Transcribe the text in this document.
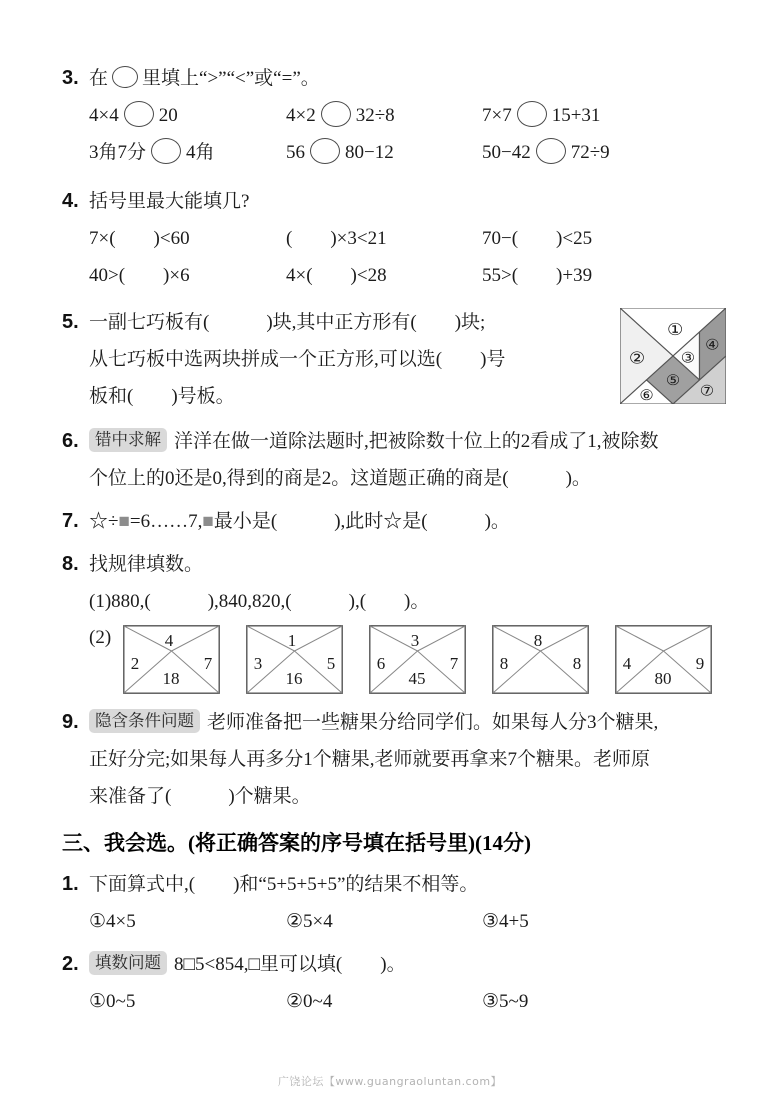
3. 在 里填上“>”“<”或“=”。
4×4 20	4×2 32÷8	7×7 15+31
3角7分 4角	56 80−12	50−42 72÷9
4. 括号里最大能填几?
7×(  )<60	(  )×3<21	70−(  )<25
40>(  )×6	4×(  )<28	55>(  )+39
5. 一副七巧板有(   )块,其中正方形有(  )块;
从七巧板中选两块拼成一个正方形,可以选(  )号
板和(  )号板。
①
② ③
④
⑤
⑥	⑦
6. 错中求解 洋洋在做一道除法题时,把被除数十位上的2看成了1,被除数
个位上的0还是0,得到的商是2。这道题正确的商是(   )。
7. ☆÷■=6……7,■最小是(   ),此时☆是(   )。
8. 找规律填数。
(1)880,(   ),840,820,(   ),(  )。
(2)	4
2	7
18
1
3	5
16
3
6	7
45
8
8	8 4	9
80
9. 隐含条件问题 老师准备把一些糖果分给同学们。如果每人分3个糖果,
正好分完;如果每人再多分1个糖果,老师就要再拿来7个糖果。老师原
来准备了(   )个糖果。
三、我会选。(将正确答案的序号填在括号里)(14分)
1. 下面算式中,(  )和“5+5+5+5”的结果不相等。
①4×5	②5×4	③4+5
2. 填数问题 8□5<854,□里可以填(  )。
①0~5	②0~4	③5~9
广饶论坛【www.guangraoluntan.com】
